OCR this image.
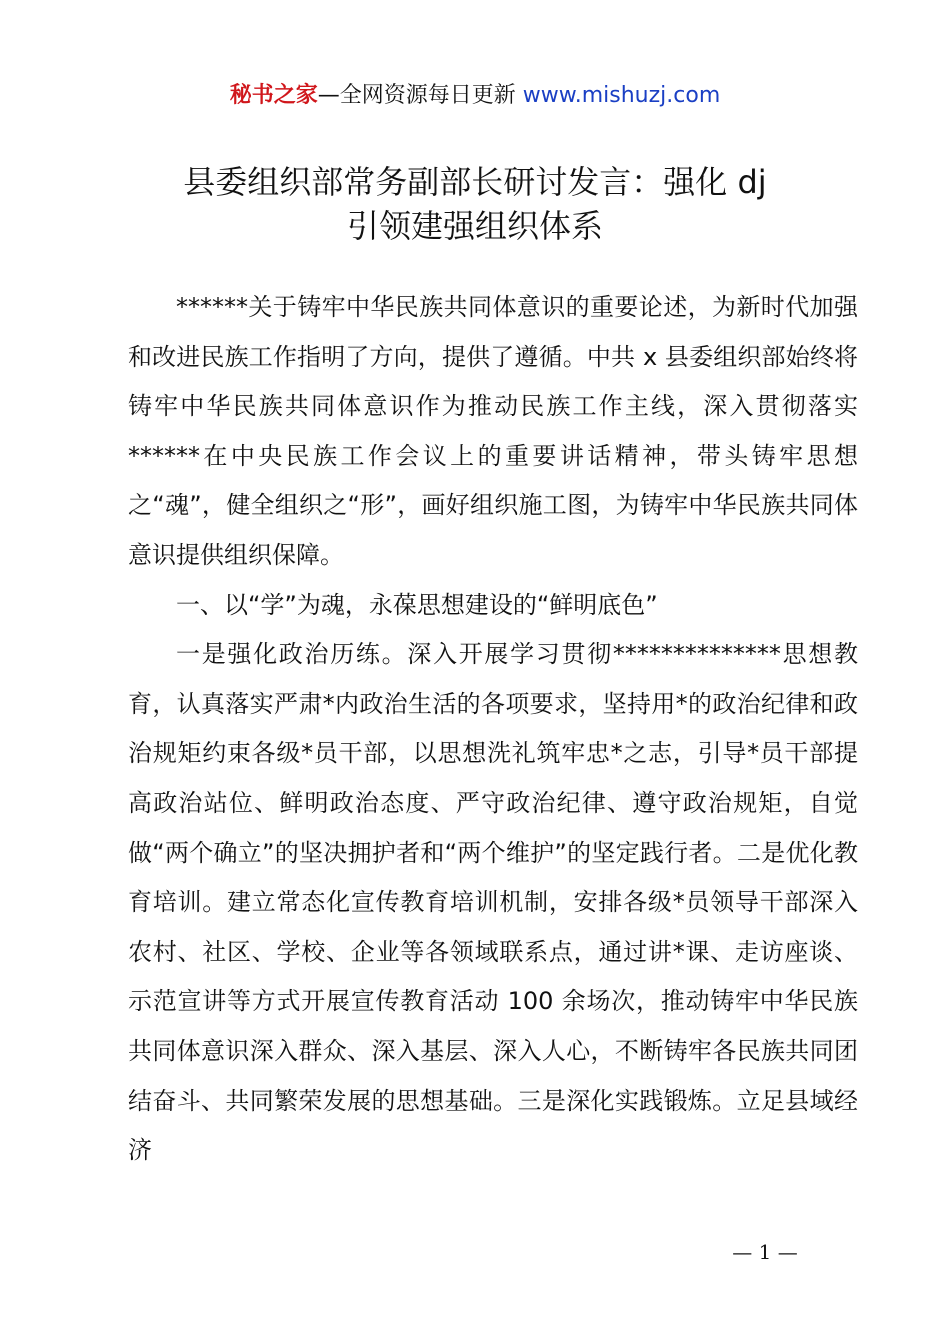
秘书之家—全网资源每日更新 www.mishuzj.com
县委组织部常务副部长研讨发言：强化 dj
引领建强组织体系

******关于铸牢中华民族共同体意识的重要论述，为新时代加强和改进民族工作指明了方向，提供了遵循。中共 x 县委组织部始终将铸牢中华民族共同体意识作为推动民族工作主线，深入贯彻落实******在中央民族工作会议上的重要讲话精神，带头铸牢思想之“魂”，健全组织之“形”，画好组织施工图，为铸牢中华民族共同体意识提供组织保障。

一、以“学”为魂，永葆思想建设的“鲜明底色”

一是强化政治历练。深入开展学习贯彻**************思想教育，认真落实严肃*内政治生活的各项要求，坚持用*的政治纪律和政治规矩约束各级*员干部，以思想洗礼筑牢忠*之志，引导*员干部提高政治站位、鲜明政治态度、严守政治纪律、遵守政治规矩，自觉做“两个确立”的坚决拥护者和“两个维护”的坚定践行者。二是优化教育培训。建立常态化宣传教育培训机制，安排各级*员领导干部深入农村、社区、学校、企业等各领域联系点，通过讲*课、走访座谈、示范宣讲等方式开展宣传教育活动 100 余场次，推动铸牢中华民族共同体意识深入群众、深入基层、深入人心，不断铸牢各民族共同团结奋斗、共同繁荣发展的思想基础。三是深化实践锻炼。立足县域经济

— 1 —
